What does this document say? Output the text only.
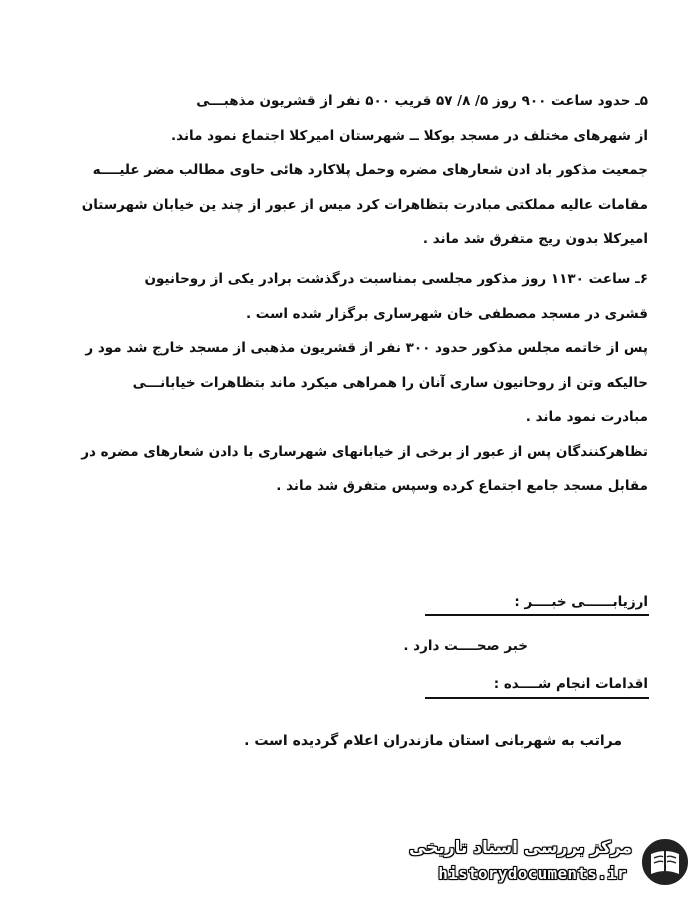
۵ـ حدود ساعت ۹۰۰ روز ۵/ ۸/ ۵۷ قریب ۵۰۰ نفر از قشریون مذهبـــی
از شهرهای مختلف در مسجد بوکلا ــ شهرستان امیرکلا اجتماع نمود ماند.
جمعیت مذکور باد ادن شعارهای مضره وحمل پلاکارد هائی حاوی مطالب مضر علیــــه
مقامات عالیه مملکتی مبادرت بتظاهرات کرد میس از عبور از چند ین خیابان شهرستان
امیرکلا بدون ریج متفرق شد ماند .
۶ـ ساعت ۱۱۳۰ روز مذکور مجلسی بمناسبت درگذشت برادر یکی از روحانیون
قشری در مسجد مصطفی خان شهرساری برگزار شده است .
پس از خاتمه مجلس مذکور حدود ۳۰۰ نفر از قشریون مذهبی از مسجد خارج شد مود ر
حالیکه وتن از روحانیون ساری آنان را همراهی میکرد ماند بتظاهرات خیابانـــی
مبادرت نمود ماند .
تظاهرکنندگان پس از عبور از برخی از خیابانهای شهرساری با دادن شعارهای مضره در
مقابل مسجد جامع اجتماع کرده وسپس متفرق شد ماند .
ارزیابــــــی خبــــر :
خبر صحــــت دارد .
اقدامات انجام شــــده :
مراتب به شهربانی استان مازندران اعلام گردیده است .
مرکز بررسی اسناد تاریخی
historydocuments.ir
